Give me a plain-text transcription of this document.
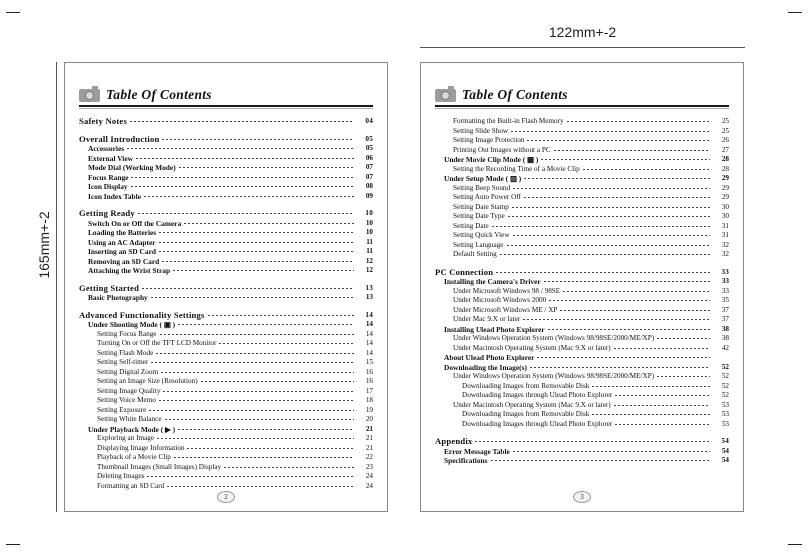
122mm+-2
165mm+-2
Table Of Contents
Safety Notes	04
Overall Introduction	05
Accessories	05
External View	06
Mode Dial (Working Mode)	07
Focus Range	07
Icon Display	08
Icon Index Table	09
Getting Ready	10
Switch On or Off the Camera	10
Loading the Batteries	10
Using an AC Adapter	11
Inserting an SD Card	11
Removing an SD Card	12
Attaching the Wrist Strap	12
Getting Started	13
Basic Photography	13
Advanced Functionality Settings	14
Under Shooting Mode ( ▣ )	14
Setting Focus Range	14
Turning On or Off the TFT LCD Monitor	14
Setting Flash Mode	14
Setting Self-timer	15
Setting Digital Zoom	16
Setting an Image Size (Resolution)	16
Setting Image Quality	17
Setting Voice Memo	18
Setting Exposure	19
Setting White Balance	20
Under Playback Mode ( ▶ )	21
Exploring an Image	21
Displaying Image Information	21
Playback of a Movie Clip	22
Thumbnail Images (Small Images) Display	23
Deleting Images	24
Formatting an SD Card	24
2
Table Of Contents
Formatting the Built-in Flash Memory	25
Setting Slide Show	25
Setting Image Protection	26
Printing Out Images without a PC	27
Under Movie Clip Mode ( ▦ )	28
Setting the Recording Time of a Movie Clip	28
Under Setup Mode ( ▨ )	29
Setting Beep Sound	29
Setting Auto Power Off	29
Setting Date Stamp	30
Setting Date Type	30
Setting Date	31
Setting Quick View	31
Setting Language	32
Default Setting	32
PC Connection	33
Installing the Camera's Driver	33
Under Microsoft Windows 98 / 98SE	33
Under Microsoft Windows 2000	35
Under Microsoft Windows ME / XP	37
Under Mac 9.X or later	37
Installing Ulead Photo Explorer	38
Under Windows Operation System (Windows 98/98SE/2000/ME/XP)	38
Under Macintosh Operating System (Mac 9.X or later)	42
About Ulead Photo Explorer
Downloading the Image(s)	52
Under Windows Operation System (Windows 98/98SE/2000/ME/XP)	52
Downloading Images from Removable Disk	52
Downloading Images through Ulead Photo Explorer	52
Under Macintosh Operating System (Mac 9.X or later)	53
Downloading Images from Removable Disk	53
Downloading Images through Ulead Photo Explorer	53
Appendix	54
Error Message Table	54
Specifications	54
3
